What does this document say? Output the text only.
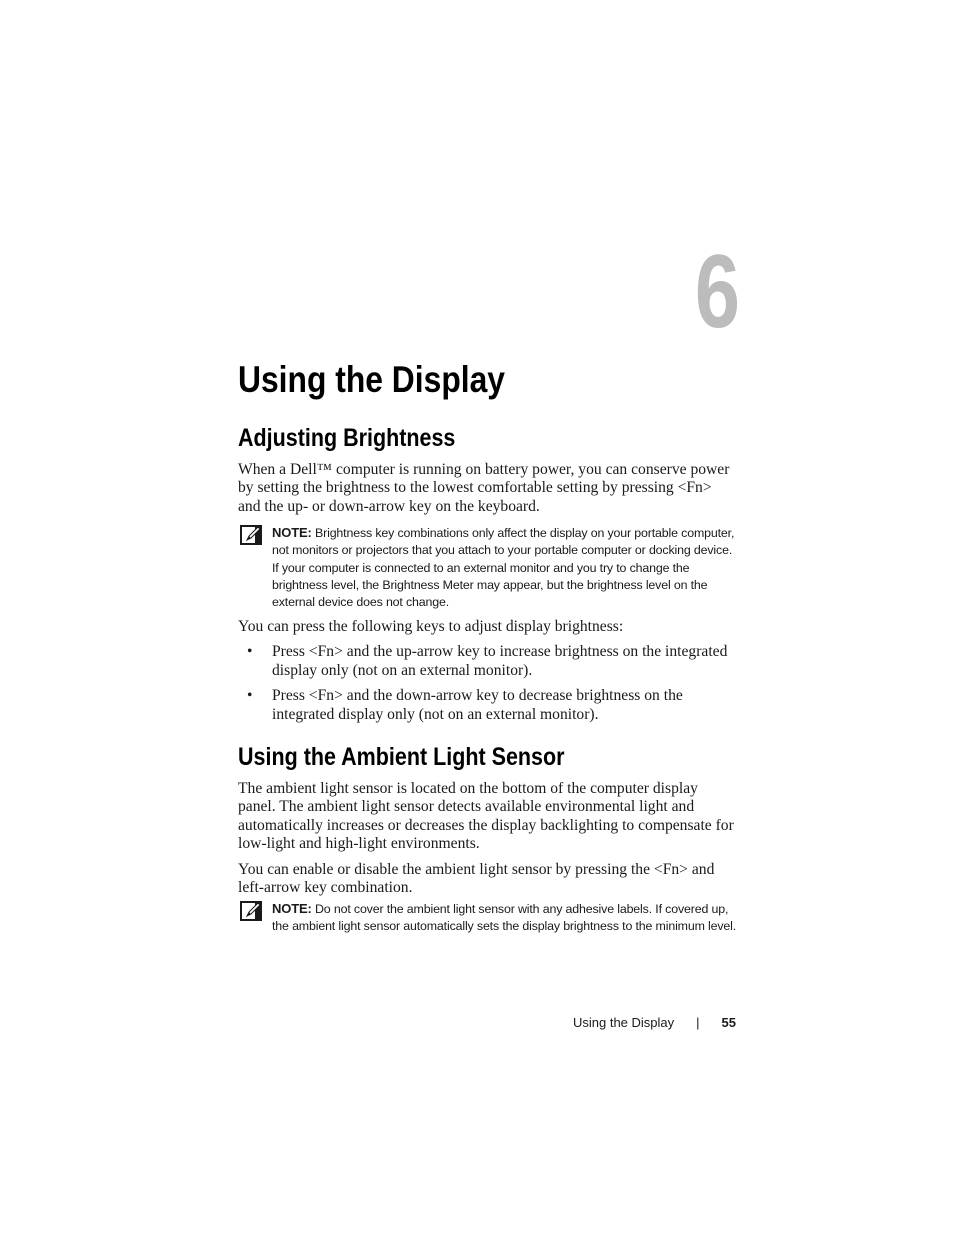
6
Using the Display
Adjusting Brightness

When a Dell™ computer is running on battery power, you can conserve power by setting the brightness to the lowest comfortable setting by pressing <Fn> and the up- or down-arrow key on the keyboard.

NOTE: Brightness key combinations only affect the display on your portable computer, not monitors or projectors that you attach to your portable computer or docking device. If your computer is connected to an external monitor and you try to change the brightness level, the Brightness Meter may appear, but the brightness level on the external device does not change.

You can press the following keys to adjust display brightness:

• Press <Fn> and the up-arrow key to increase brightness on the integrated display only (not on an external monitor).
• Press <Fn> and the down-arrow key to decrease brightness on the integrated display only (not on an external monitor).
Using the Ambient Light Sensor

The ambient light sensor is located on the bottom of the computer display panel. The ambient light sensor detects available environmental light and automatically increases or decreases the display backlighting to compensate for low-light and high-light environments.

You can enable or disable the ambient light sensor by pressing the <Fn> and left-arrow key combination.

NOTE: Do not cover the ambient light sensor with any adhesive labels. If covered up, the ambient light sensor automatically sets the display brightness to the minimum level.

Using the Display | 55
